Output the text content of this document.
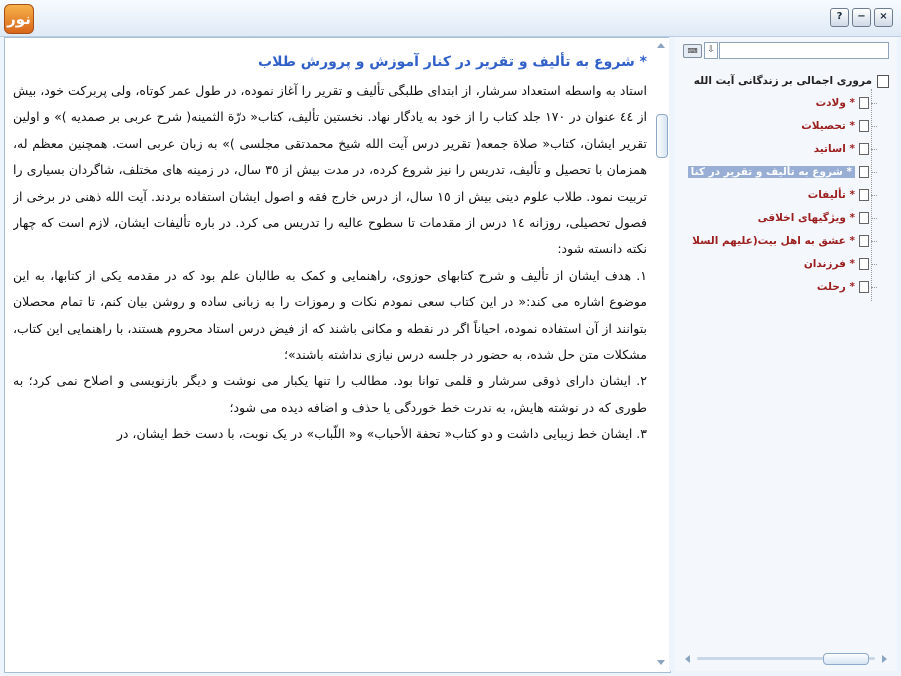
نور	?	−	×
* شروع به تألیف و تقریر در کنار آموزش و پرورش طلاب

استاد به واسطه استعداد سرشار، از ابتدای طلبگی تألیف و تقریر را آغاز نموده، در طول عمر کوتاه، ولی پربرکت خود، بیش از ٤٤ عنوان در ١٧٠ جلد کتاب را از خود به یادگار نهاد. نخستین تألیف، کتاب« درّة الثمینه( شرح عربی بر صمدیه )» و اولین تقریر ایشان، کتاب« صلاة جمعه( تقریر درس آیت الله شیخ محمدتقی مجلسی )» به زبان عربی است. همچنین معظم له، همزمان با تحصیل و تألیف، تدریس را نیز شروع کرده، در مدت بیش از ٣٥ سال، در زمینه های مختلف، شاگردان بسیاری را تربیت نمود. طلاب علوم دینی بیش از ١٥ سال، از درس خارج فقه و اصول ایشان استفاده بردند. آیت الله ذهنی در برخی از فصول تحصیلی، روزانه ١٤ درس از مقدمات تا سطوح عالیه را تدریس می کرد. در باره تألیفات ایشان، لازم است که چهار نکته دانسته شود:

١. هدف ایشان از تألیف و شرح کتابهای حوزوی، راهنمایی و کمک به طالبان علم بود که در مقدمه یکی از کتابها، به این موضوع اشاره می کند:« در این کتاب سعی نمودم نکات و رموزات را به زبانی ساده و روشن بیان کنم، تا تمام محصلان بتوانند از آن استفاده نموده، احیاناً اگر در نقطه و مکانی باشند که از فیض درس استاد محروم هستند، با راهنمایی این کتاب، مشکلات متن حل شده، به حضور در جلسه درس نیازی نداشته باشند»؛

٢. ایشان دارای ذوقی سرشار و قلمی توانا بود. مطالب را تنها یکبار می نوشت و دیگر بازنویسی و اصلاح نمی کرد؛ به طوری که در نوشته هایش، به ندرت خط خوردگی یا حذف و اضافه دیده می شود؛

٣. ایشان خط زیبایی داشت و دو کتاب« تحفة الأحباب» و« اللّباب» در یک نوبت، با دست خط ایشان، در

⌨	⇩
مروری اجمالی بر زندگانی آیت الله
* ولادت
* تحصیلات
* اساتید
* شروع به تألیف و تقریر در کنا
* تألیفات
* ویژگیهای اخلاقی
* عشق به اهل بیت(علیهم السلا
* فرزندان
* رحلت
